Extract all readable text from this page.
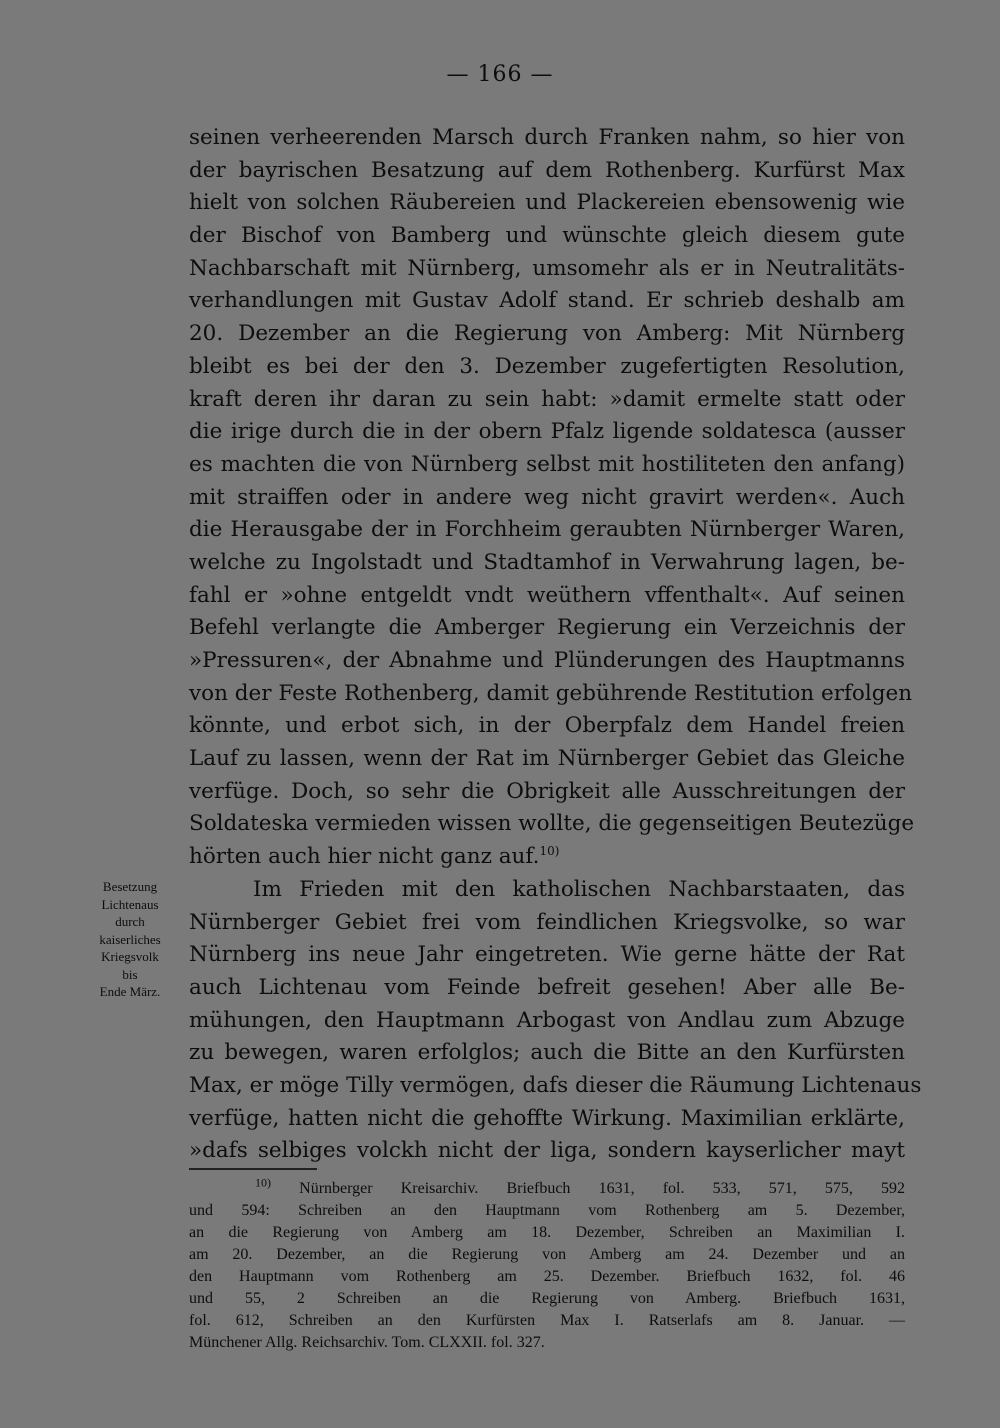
— 166 —
seinen verheerenden Marsch durch Franken nahm, so hier von
der bayrischen Besatzung auf dem Rothenberg. Kurfürst Max
hielt von solchen Räubereien und Plackereien ebensowenig wie
der Bischof von Bamberg und wünschte gleich diesem gute
Nachbarschaft mit Nürnberg, umsomehr als er in Neutralitäts-
verhandlungen mit Gustav Adolf stand. Er schrieb deshalb am
20. Dezember an die Regierung von Amberg: Mit Nürnberg
bleibt es bei der den 3. Dezember zugefertigten Resolution,
kraft deren ihr daran zu sein habt: »damit ermelte statt oder
die irige durch die in der obern Pfalz ligende soldatesca (ausser
es machten die von Nürnberg selbst mit hostiliteten den anfang)
mit straiffen oder in andere weg nicht gravirt werden«. Auch
die Herausgabe der in Forchheim geraubten Nürnberger Waren,
welche zu Ingolstadt und Stadtamhof in Verwahrung lagen, be-
fahl er »ohne entgeldt vndt weüthern vffenthalt«. Auf seinen
Befehl verlangte die Amberger Regierung ein Verzeichnis der
»Pressuren«, der Abnahme und Plünderungen des Hauptmanns
von der Feste Rothenberg, damit gebührende Restitution erfolgen
könnte, und erbot sich, in der Oberpfalz dem Handel freien
Lauf zu lassen, wenn der Rat im Nürnberger Gebiet das Gleiche
verfüge. Doch, so sehr die Obrigkeit alle Ausschreitungen der
Soldateska vermieden wissen wollte, die gegenseitigen Beutezüge
hörten auch hier nicht ganz auf.$^{10)}$
Im Frieden mit den katholischen Nachbarstaaten, das
Nürnberger Gebiet frei vom feindlichen Kriegsvolke, so war
Nürnberg ins neue Jahr eingetreten. Wie gerne hätte der Rat
auch Lichtenau vom Feinde befreit gesehen! Aber alle Be-
mühungen, den Hauptmann Arbogast von Andlau zum Abzuge
zu bewegen, waren erfolglos; auch die Bitte an den Kurfürsten
Max, er möge Tilly vermögen, dafs dieser die Räumung Lichtenaus
verfüge, hatten nicht die gehoffte Wirkung. Maximilian erklärte,
»dafs selbiges volckh nicht der liga, sondern kayserlicher mayt
Besetzung
Lichtenaus
durch
kaiserliches
Kriegsvolk
bis
Ende März.
$^{10)}$ Nürnberger Kreisarchiv. Briefbuch 1631, fol. 533, 571, 575, 592
und 594: Schreiben an den Hauptmann vom Rothenberg am 5. Dezember,
an die Regierung von Amberg am 18. Dezember, Schreiben an Maximilian I.
am 20. Dezember, an die Regierung von Amberg am 24. Dezember und an
den Hauptmann vom Rothenberg am 25. Dezember. Briefbuch 1632, fol. 46
und 55, 2 Schreiben an die Regierung von Amberg. Briefbuch 1631,
fol. 612, Schreiben an den Kurfürsten Max I. Ratserlafs am 8. Januar. —
Münchener Allg. Reichsarchiv. Tom. CLXXII. fol. 327.
